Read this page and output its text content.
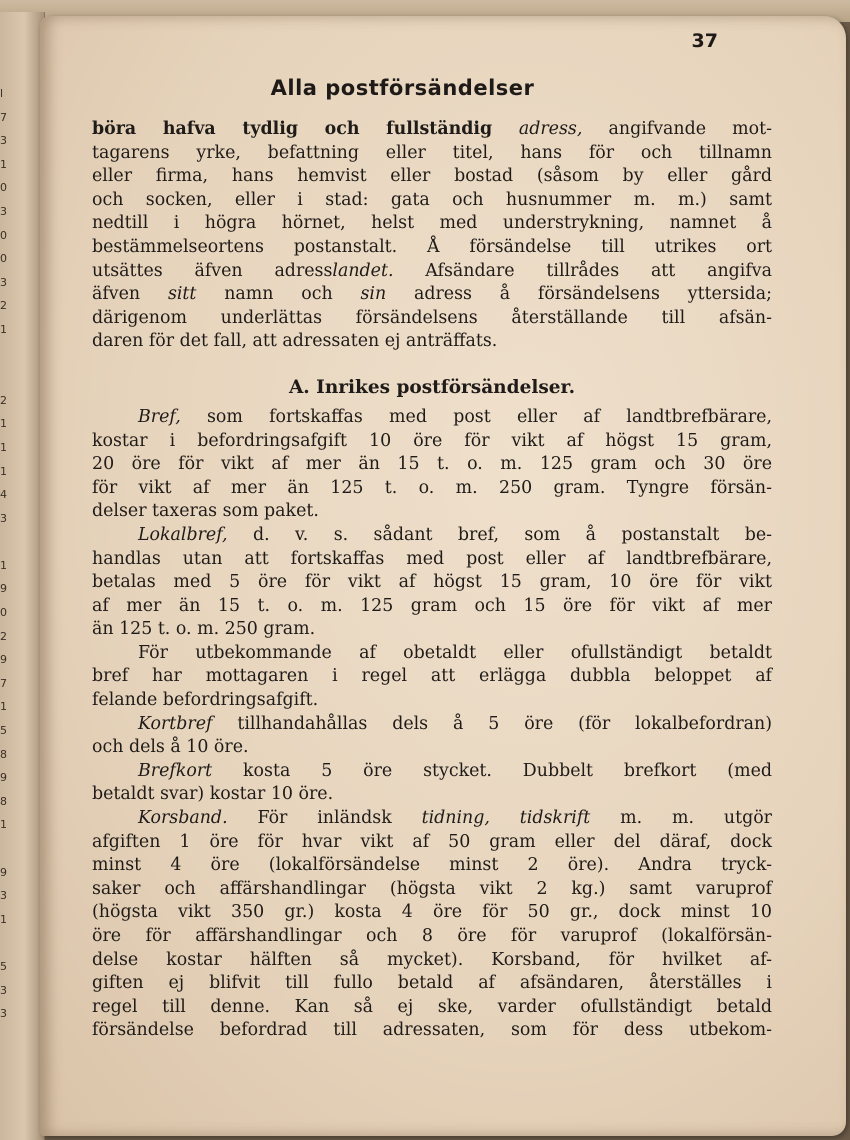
l
7
3
1
0
3
0
0
3
2
1
2
1
1
1
4
3
1
9
0
2
9
7
1
5
8
9
8
1
9
3
1
5
3
3
37
Alla postförsändelser
börа hafva tydlig och fullständig adress, angifvande mot-
tagarens yrke, befattning eller titel, hans för och tillnamn
eller firma, hans hemvist eller bostad (såsom by eller gård
och socken, eller i stad: gata och husnummer m. m.) samt
nedtill i högra hörnet, helst med understrykning, namnet å
bestämmelseortens postanstalt. Å försändelse till utrikes ort
utsättes äfven adresslandet. Afsändare tillrådes att angifva
äfven sitt namn och sin adress å försändelsens yttersida;
därigenom underlättas försändelsens återställande till afsän-
daren för det fall, att adressaten ej anträffats.
A. Inrikes postförsändelser.
Bref, som fortskaffas med post eller af landtbrefbärare,
kostar i befordringsafgift 10 öre för vikt af högst 15 gram,
20 öre för vikt af mer än 15 t. o. m. 125 gram och 30 öre
för vikt af mer än 125 t. o. m. 250 gram. Tyngre försän-
delser taxeras som paket.
Lokalbref, d. v. s. sådant bref, som å postanstalt be-
handlas utan att fortskaffas med post eller af landtbrefbärare,
betalas med 5 öre för vikt af högst 15 gram, 10 öre för vikt
af mer än 15 t. o. m. 125 gram och 15 öre för vikt af mer
än 125 t. o. m. 250 gram.
För utbekommande af obetaldt eller ofullständigt betaldt
bref har mottagaren i regel att erlägga dubbla beloppet af
felande befordringsafgift.
Kortbref tillhandahållas dels å 5 öre (för lokalbefordran)
och dels å 10 öre.
Brefkort kosta 5 öre stycket. Dubbelt brefkort (med
betaldt svar) kostar 10 öre.
Korsband. För inländsk tidning, tidskrift m. m. utgör
afgiften 1 öre för hvar vikt af 50 gram eller del däraf, dock
minst 4 öre (lokalförsändelse minst 2 öre). Andra tryck-
saker och affärshandlingar (högsta vikt 2 kg.) samt varuprof
(högsta vikt 350 gr.) kosta 4 öre för 50 gr., dock minst 10
öre för affärshandlingar och 8 öre för varuprof (lokalförsän-
delse kostar hälften så mycket). Korsband, för hvilket af-
giften ej blifvit till fullo betald af afsändaren, återställes i
regel till denne. Kan så ej ske, varder ofullständigt betald
försändelse befordrad till adressaten, som för dess utbekom-
